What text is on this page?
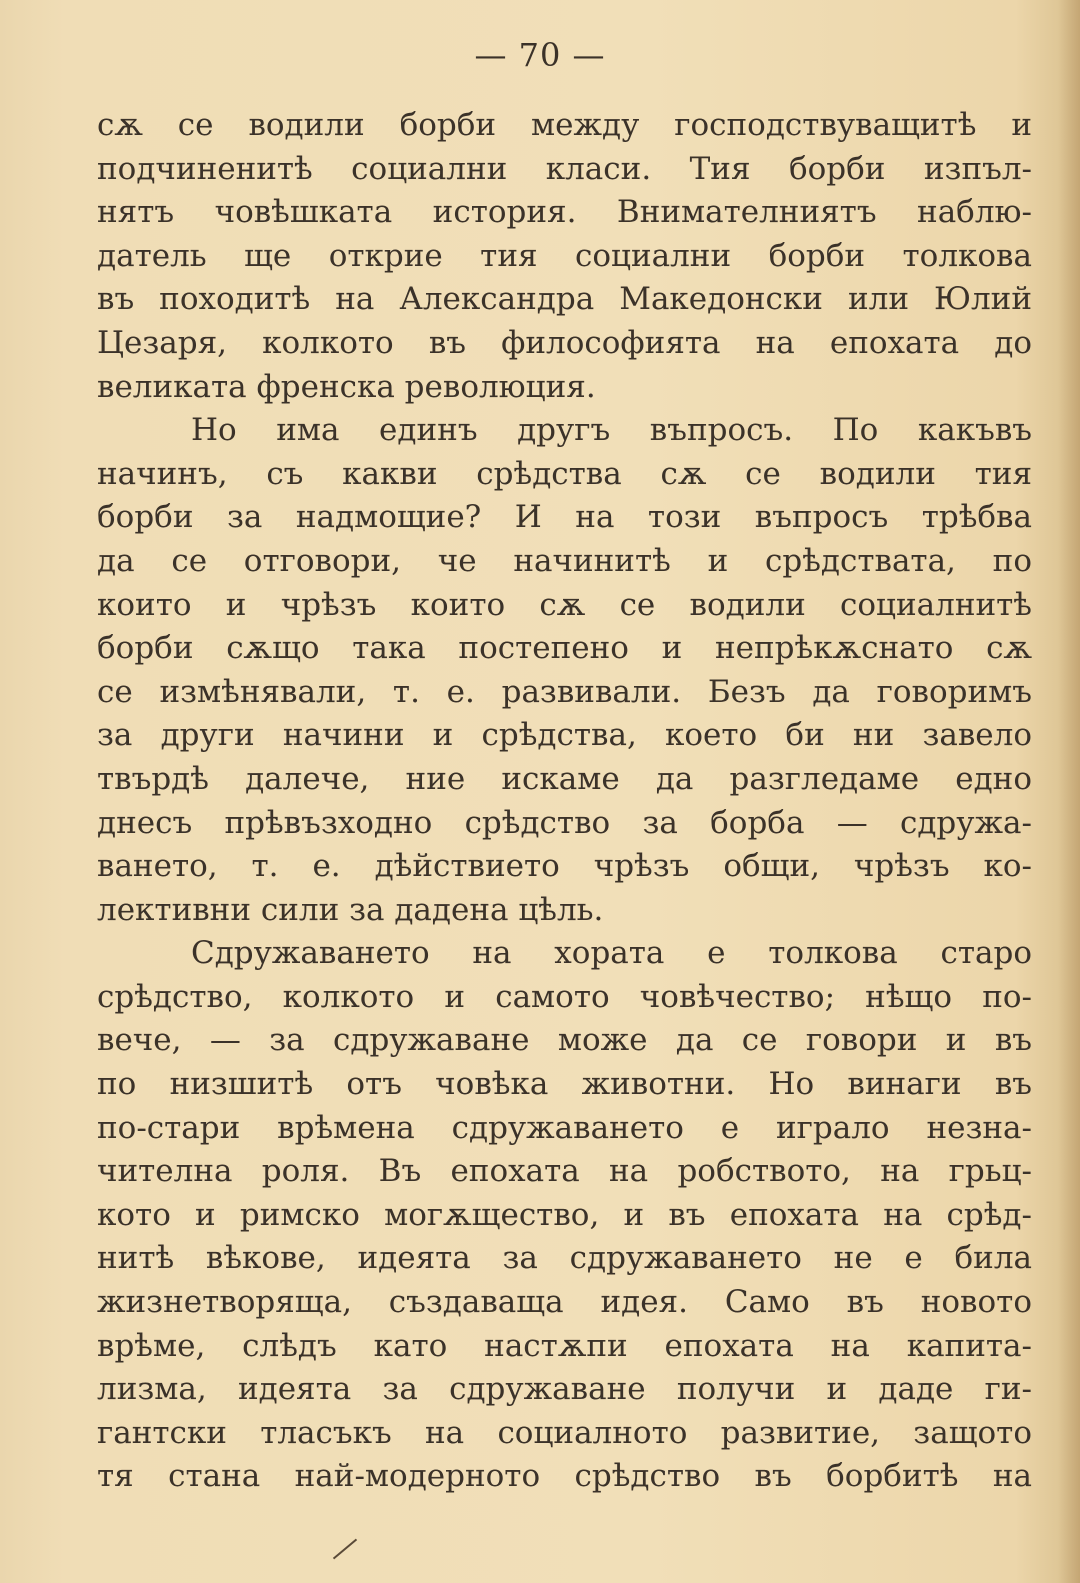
— 70 —
сѫ се водили борби между господствуващитѣ и
подчиненитѣ социални класи. Тия борби изпъл-
нятъ човѣшката история. Внимателниятъ наблю-
датель ще открие тия социални борби толкова
въ походитѣ на Александра Македонски или Юлий
Цезаря, колкото въ философията на епохата до
великата френска революция.
Но има единъ другъ въпросъ. По какъвъ
начинъ, съ какви срѣдства сѫ се водили тия
борби за надмощие? И на този въпросъ трѣбва
да се отговори, че начинитѣ и срѣдствата, по
които и чрѣзъ които сѫ се водили социалнитѣ
борби сѫщо така постепено и непрѣкѫснато сѫ
се измѣнявали, т. е. развивали. Безъ да говоримъ
за други начини и срѣдства, което би ни завело
твърдѣ далече, ние искаме да разгледаме едно
днесъ прѣвъзходно срѣдство за борба — сдружа-
ването, т. е. дѣйствието чрѣзъ общи, чрѣзъ ко-
лективни сили за дадена цѣль.
Сдружаването на хората е толкова старо
срѣдство, колкото и самото човѣчество; нѣщо по-
вече, — за сдружаване може да се говори и въ
по низшитѣ отъ човѣка животни. Но винаги въ
по-стари врѣмена сдружаването е играло незна-
чителна роля. Въ епохата на робството, на грьц-
кото и римско могѫщество, и въ епохата на срѣд-
нитѣ вѣкове, идеята за сдружаването не е била
жизнетворяща, създаваща идея. Само въ новото
врѣме, слѣдъ като настѫпи епохата на капита-
лизма, идеята за сдружаване получи и даде ги-
гантски тласъкъ на социалното развитие, защото
тя стана най-модерното срѣдство въ борбитѣ на
